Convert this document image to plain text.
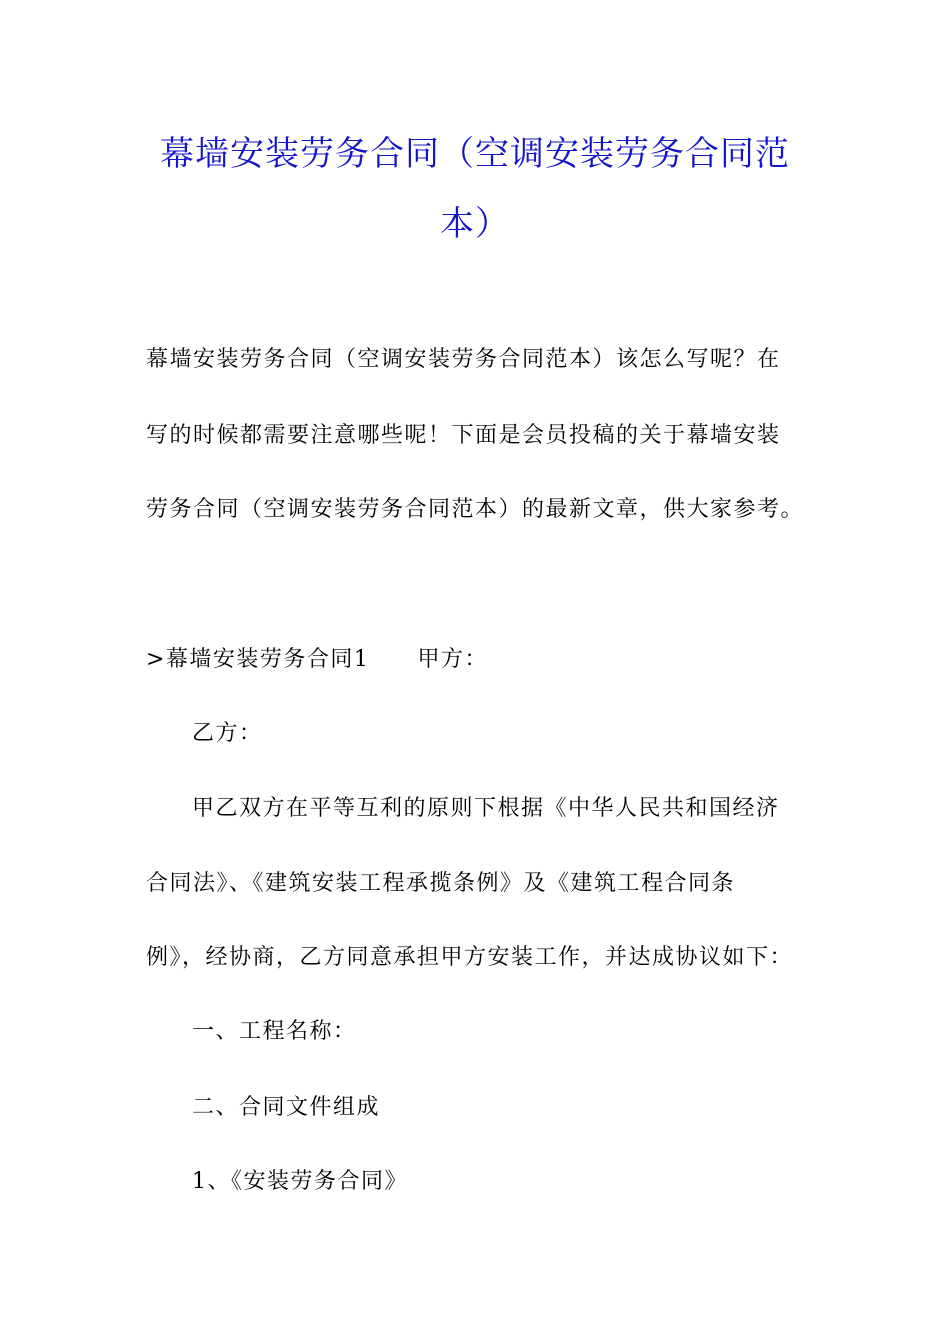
幕墙安装劳务合同（空调安装劳务合同范
本）
幕墙安装劳务合同（空调安装劳务合同范本）该怎么写呢？在
写的时候都需要注意哪些呢！下面是会员投稿的关于幕墙安装
劳务合同（空调安装劳务合同范本）的最新文章，供大家参考。
>幕墙安装劳务合同1 甲方：
乙方：
甲乙双方在平等互利的原则下根据《中华人民共和国经济
合同法》、《建筑安装工程承揽条例》及《建筑工程合同条
例》，经协商，乙方同意承担甲方安装工作，并达成协议如下：
一、工程名称：
二、合同文件组成
1、《安装劳务合同》
